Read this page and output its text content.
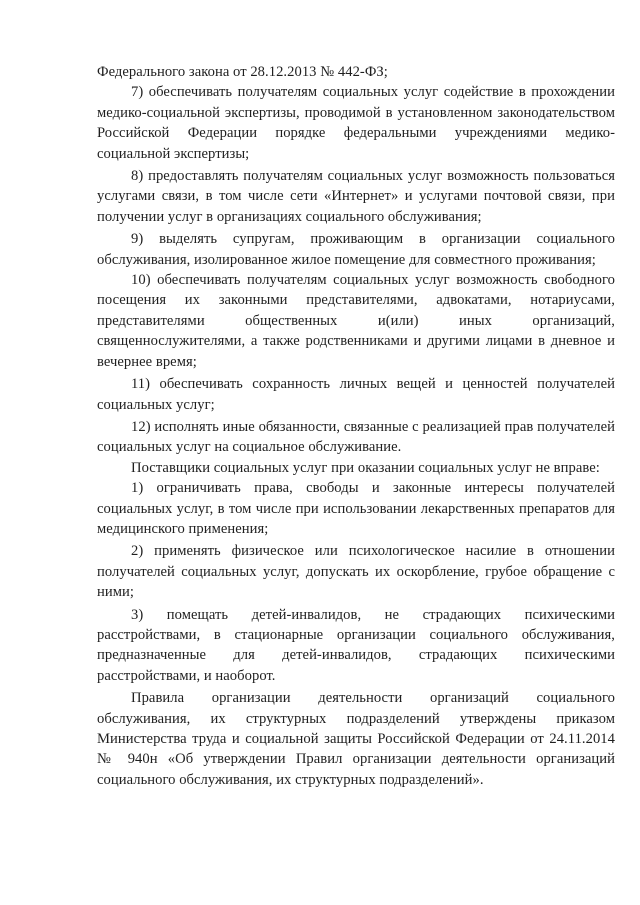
Федерального закона от 28.12.2013 № 442-ФЗ;

7) обеспечивать получателям социальных услуг содействие в прохождении медико-социальной экспертизы, проводимой в установленном законодательством Российской Федерации порядке федеральными учреждениями медико-социальной экспертизы;

8) предоставлять получателям социальных услуг возможность пользоваться услугами связи, в том числе сети «Интернет» и услугами почтовой связи, при получении услуг в организациях социального обслуживания;

9) выделять супругам, проживающим в организации социального обслуживания, изолированное жилое помещение для совместного проживания;

10) обеспечивать получателям социальных услуг возможность свободного посещения их законными представителями, адвокатами, нотариусами, представителями общественных и(или) иных организаций, священнослужителями, а также родственниками и другими лицами в дневное и вечернее время;

11) обеспечивать сохранность личных вещей и ценностей получателей социальных услуг;

12) исполнять иные обязанности, связанные с реализацией прав получателей социальных услуг на социальное обслуживание.

Поставщики социальных услуг при оказании социальных услуг не вправе:

1) ограничивать права, свободы и законные интересы получателей социальных услуг, в том числе при использовании лекарственных препаратов для медицинского применения;

2) применять физическое или психологическое насилие в отношении получателей социальных услуг, допускать их оскорбление, грубое обращение с ними;

3) помещать детей-инвалидов, не страдающих психическими расстройствами, в стационарные организации социального обслуживания, предназначенные для детей-инвалидов, страдающих психическими расстройствами, и наоборот.

Правила организации деятельности организаций социального обслуживания, их структурных подразделений утверждены приказом Министерства труда и социальной защиты Российской Федерации от 24.11.2014 № 940н «Об утверждении Правил организации деятельности организаций социального обслуживания, их структурных подразделений».
